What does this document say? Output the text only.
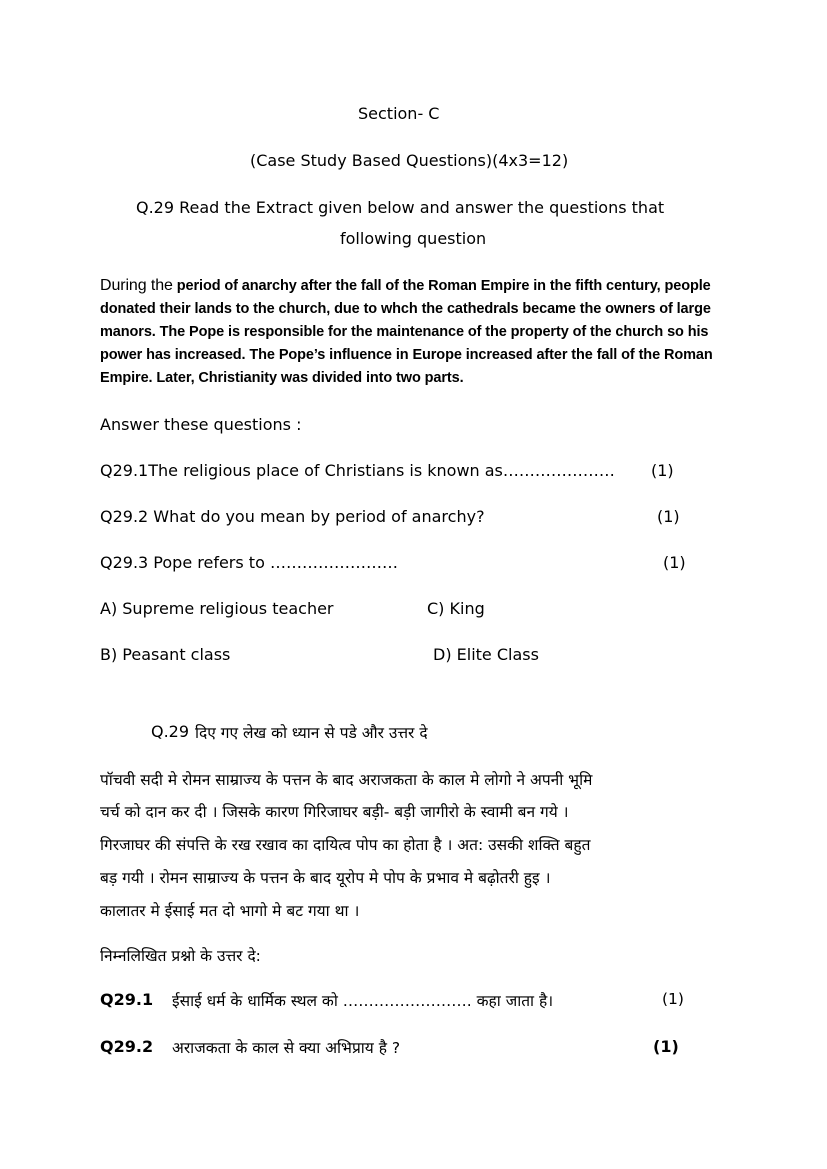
Section- C
(Case Study Based Questions)(4x3=12)
Q.29 Read the Extract given below and answer the questions that
following question
During the period of anarchy after the fall of the Roman Empire in the fifth century, people donated their lands to the church, due to whch the cathedrals became the owners of large manors. The Pope is responsible for the maintenance of the property of the church so his power has increased. The Pope’s influence in Europe increased after the fall of the Roman Empire. Later, Christianity was divided into two parts.
Answer these questions :
Q29.1The religious place of Christians is known as………………… (1)
Q29.2 What do you mean by period of anarchy?	(1)
Q29.3 Pope refers to ……………………	(1)
A) Supreme religious teacher	C) King
B) Peasant class	D) Elite Class
Q.29 दिए गए लेख को ध्यान से पडे और उत्तर दे
पॉचवी सदी मे रोमन साम्राज्य के पत्तन के बाद अराजकता के काल मे लोगो ने अपनी भूमि
चर्च को दान कर दी । जिसके कारण गिरिजाघर बड़ी- बड़ी जागीरो के स्वामी बन गये ।
गिरजाघर की संपत्ति के रख रखाव का दायित्व पोप का होता है । अत: उसकी शक्ति बहुत
बड़ गयी । रोमन साम्राज्य के पत्तन के बाद यूरोप मे पोप के प्रभाव मे बढ़ोतरी हुइ ।
कालातर मे ईसाई मत दो भागो मे बट गया था ।
निम्नलिखित प्रश्नो के उत्तर दे:
Q29.1 ईसाई धर्म के धार्मिक स्थल को ……………………. कहा जाता है।	(1)
Q29.2 अराजकता के काल से क्या अभिप्राय है ?	(1)
